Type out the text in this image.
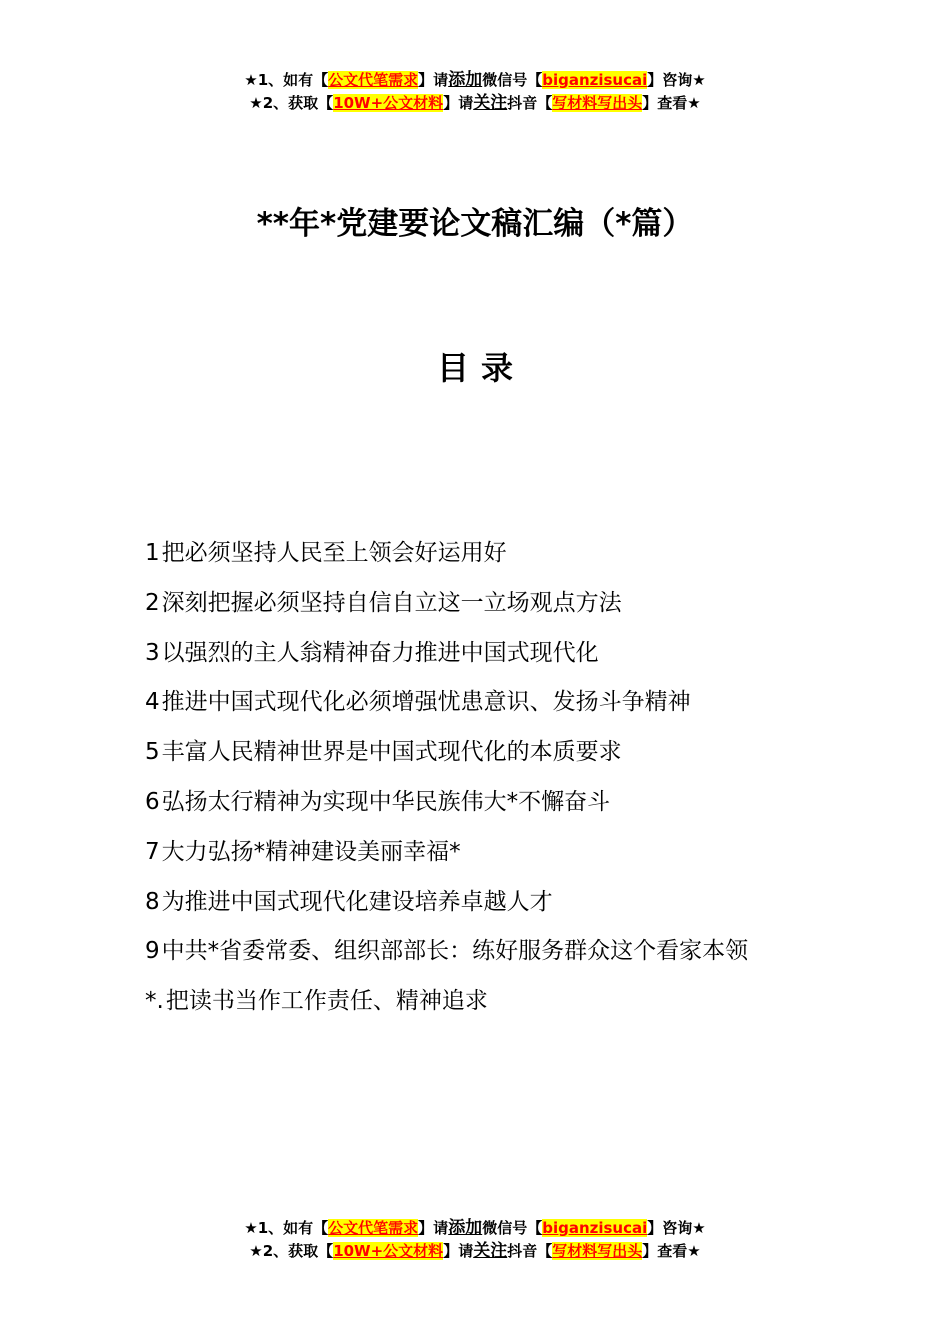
★1、如有【公文代笔需求】请添加微信号【biganzisucai】咨询★
★2、获取【10W+公文材料】请关注抖音【写材料写出头】查看★
**年*党建要论文稿汇编（*篇）
目录
1把必须坚持人民至上领会好运用好
2深刻把握必须坚持自信自立这一立场观点方法
3以强烈的主人翁精神奋力推进中国式现代化
4推进中国式现代化必须增强忧患意识、发扬斗争精神
5丰富人民精神世界是中国式现代化的本质要求
6弘扬太行精神为实现中华民族伟大*不懈奋斗
7大力弘扬*精神建设美丽幸福*
8为推进中国式现代化建设培养卓越人才
9中共*省委常委、组织部部长：练好服务群众这个看家本领
*.把读书当作工作责任、精神追求
★1、如有【公文代笔需求】请添加微信号【biganzisucai】咨询★
★2、获取【10W+公文材料】请关注抖音【写材料写出头】查看★
